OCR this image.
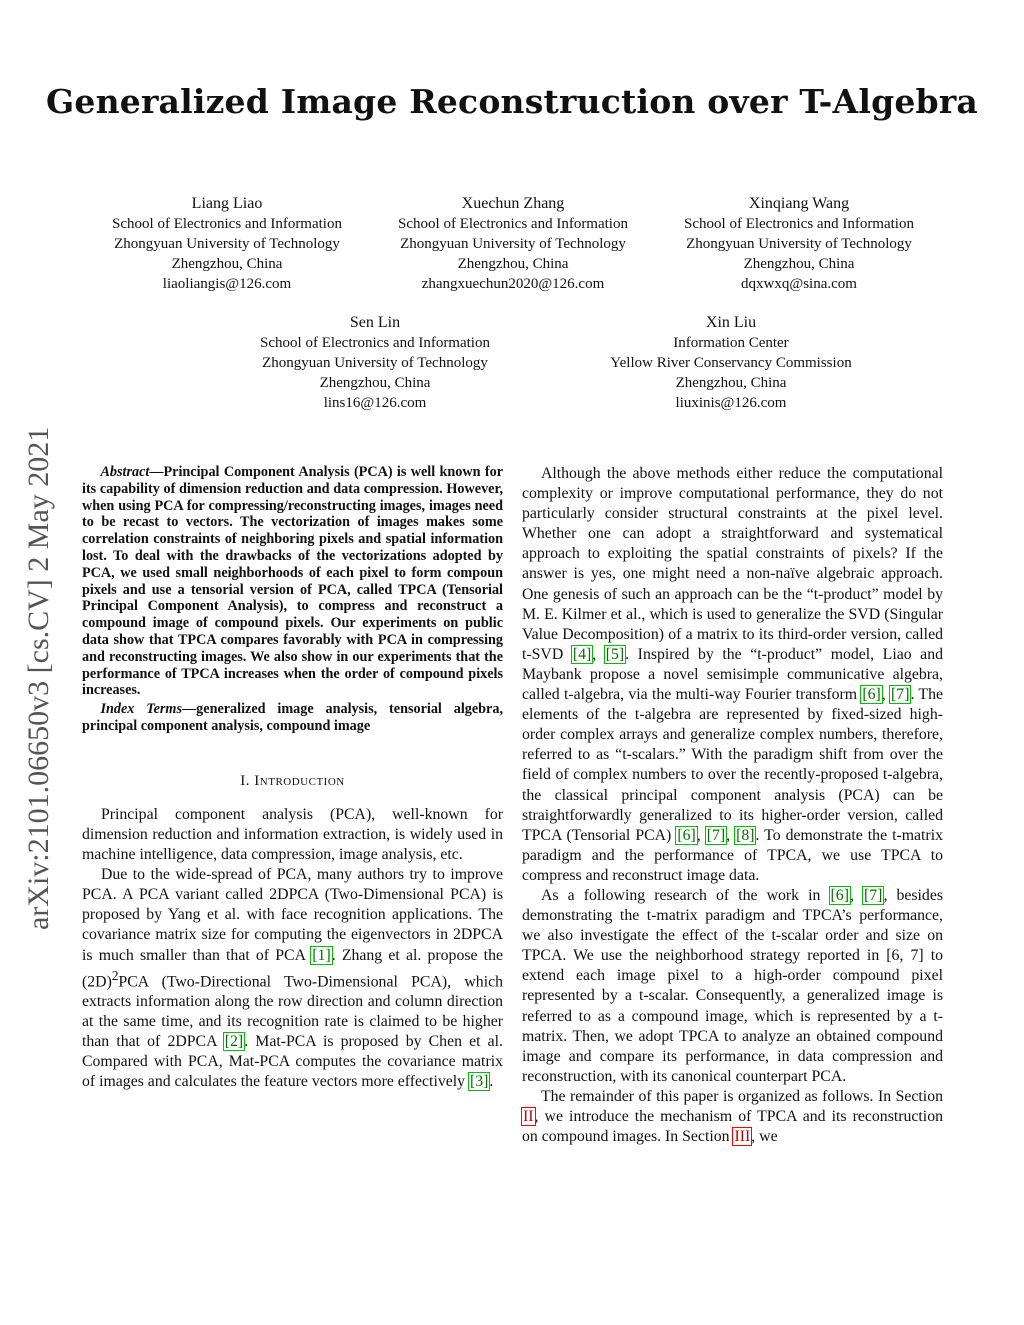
Generalized Image Reconstruction over T-Algebra
arXiv:2101.06650v3 [cs.CV] 2 May 2021
Liang Liao
School of Electronics and Information
Zhongyuan University of Technology
Zhengzhou, China
liaoliangis@126.com
Xuechun Zhang
School of Electronics and Information
Zhongyuan University of Technology
Zhengzhou, China
zhangxuechun2020@126.com
Xinqiang Wang
School of Electronics and Information
Zhongyuan University of Technology
Zhengzhou, China
dqxwxq@sina.com
Sen Lin
School of Electronics and Information
Zhongyuan University of Technology
Zhengzhou, China
lins16@126.com
Xin Liu
Information Center
Yellow River Conservancy Commission
Zhengzhou, China
liuxinis@126.com

Abstract—Principal Component Analysis (PCA) is well known for its capability of dimension reduction and data compression. However, when using PCA for compressing/reconstructing images, images need to be recast to vectors. The vectorization of images makes some correlation constraints of neighboring pixels and spatial information lost. To deal with the drawbacks of the vectorizations adopted by PCA, we used small neighborhoods of each pixel to form compoun pixels and use a tensorial version of PCA, called TPCA (Tensorial Principal Component Analysis), to compress and reconstruct a compound image of compound pixels. Our experiments on public data show that TPCA compares favorably with PCA in compressing and reconstructing images. We also show in our experiments that the performance of TPCA increases when the order of compound pixels increases.

Index Terms—generalized image analysis, tensorial algebra, principal component analysis, compound image

I. Introduction

Principal component analysis (PCA), well-known for dimension reduction and information extraction, is widely used in machine intelligence, data compression, image analysis, etc.

Due to the wide-spread of PCA, many authors try to improve PCA. A PCA variant called 2DPCA (Two-Dimensional PCA) is proposed by Yang et al. with face recognition applications. The covariance matrix size for computing the eigenvectors in 2DPCA is much smaller than that of PCA [1]. Zhang et al. propose the $(2D)^2PCA$ (Two-Directional Two-Dimensional PCA), which extracts information along the row direction and column direction at the same time, and its recognition rate is claimed to be higher than that of 2DPCA [2]. Mat-PCA is proposed by Chen et al. Compared with PCA, Mat-PCA computes the covariance matrix of images and calculates the feature vectors more effectively [3].

Although the above methods either reduce the computational complexity or improve computational performance, they do not particularly consider structural constraints at the pixel level. Whether one can adopt a straightforward and systematical approach to exploiting the spatial constraints of pixels? If the answer is yes, one might need a non-naïve algebraic approach. One genesis of such an approach can be the “t-product” model by M. E. Kilmer et al., which is used to generalize the SVD (Singular Value Decomposition) of a matrix to its third-order version, called t-SVD [4], [5]. Inspired by the “t-product” model, Liao and Maybank propose a novel semisimple communicative algebra, called t-algebra, via the multi-way Fourier transform [6], [7]. The elements of the t-algebra are represented by fixed-sized high-order complex arrays and generalize complex numbers, therefore, referred to as “t-scalars.” With the paradigm shift from over the field of complex numbers to over the recently-proposed t-algebra, the classical principal component analysis (PCA) can be straightforwardly generalized to its higher-order version, called TPCA (Tensorial PCA) [6], [7], [8]. To demonstrate the t-matrix paradigm and the performance of TPCA, we use TPCA to compress and reconstruct image data.

As a following research of the work in [6], [7], besides demonstrating the t-matrix paradigm and TPCA’s performance, we also investigate the effect of the t-scalar order and size on TPCA. We use the neighborhood strategy reported in [6, 7] to extend each image pixel to a high-order compound pixel represented by a t-scalar. Consequently, a generalized image is referred to as a compound image, which is represented by a t-matrix. Then, we adopt TPCA to analyze an obtained compound image and compare its performance, in data compression and reconstruction, with its canonical counterpart PCA.

The remainder of this paper is organized as follows. In Section II, we introduce the mechanism of TPCA and its reconstruction on compound images. In Section III, we
